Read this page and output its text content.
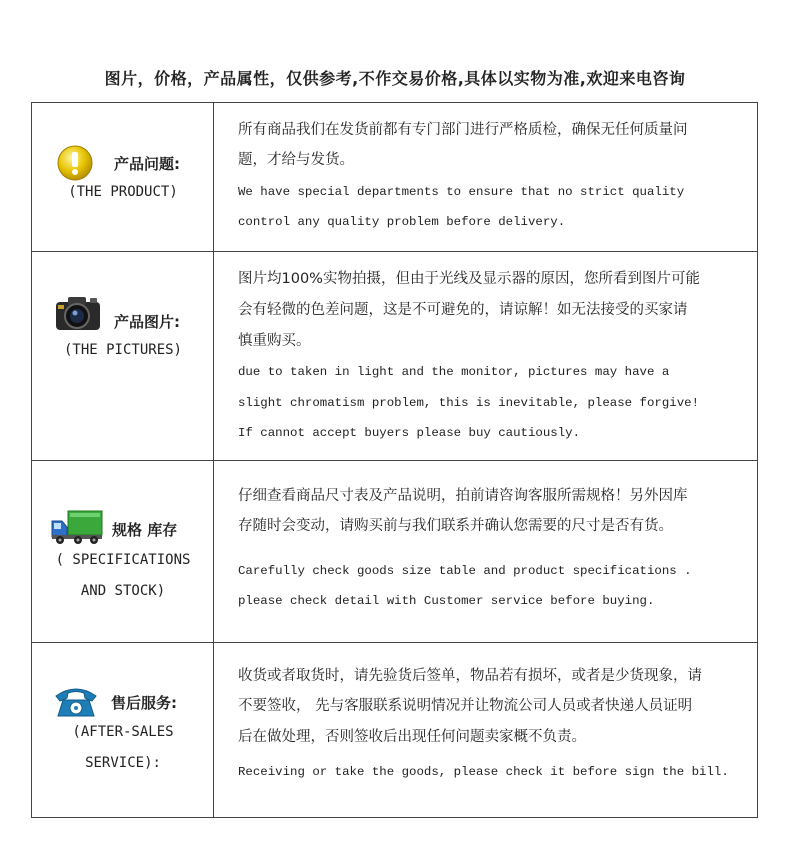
图片，价格，产品属性，仅供参考,不作交易价格,具体以实物为准,欢迎来电咨询
产品问题:
(THE PRODUCT)
所有商品我们在发货前都有专门部门进行严格质检，确保无任何质量问
题，才给与发货。
We have special departments to ensure that no strict quality
control any quality problem before delivery.
产品图片:
(THE PICTURES)
图片均100%实物拍摄，但由于光线及显示器的原因，您所看到图片可能
会有轻微的色差问题，这是不可避免的，请谅解！如无法接受的买家请
慎重购买。
due to taken in light and the monitor, pictures may have a
slight chromatism problem, this is inevitable, please forgive!
If cannot accept buyers please buy cautiously.
规格 库存
( SPECIFICATIONS
AND STOCK)
仔细查看商品尺寸表及产品说明，拍前请咨询客服所需规格！另外因库
存随时会变动，请购买前与我们联系并确认您需要的尺寸是否有货。
Carefully check goods size table and product specifications .
please check detail with Customer service before buying.
售后服务:
(AFTER-SALES
SERVICE):
收货或者取货时，请先验货后签单，物品若有损坏，或者是少货现象，请
不要签收， 先与客服联系说明情况并让物流公司人员或者快递人员证明
后在做处理，否则签收后出现任何问题卖家概不负责。
Receiving or take the goods, please check it before sign the bill.
